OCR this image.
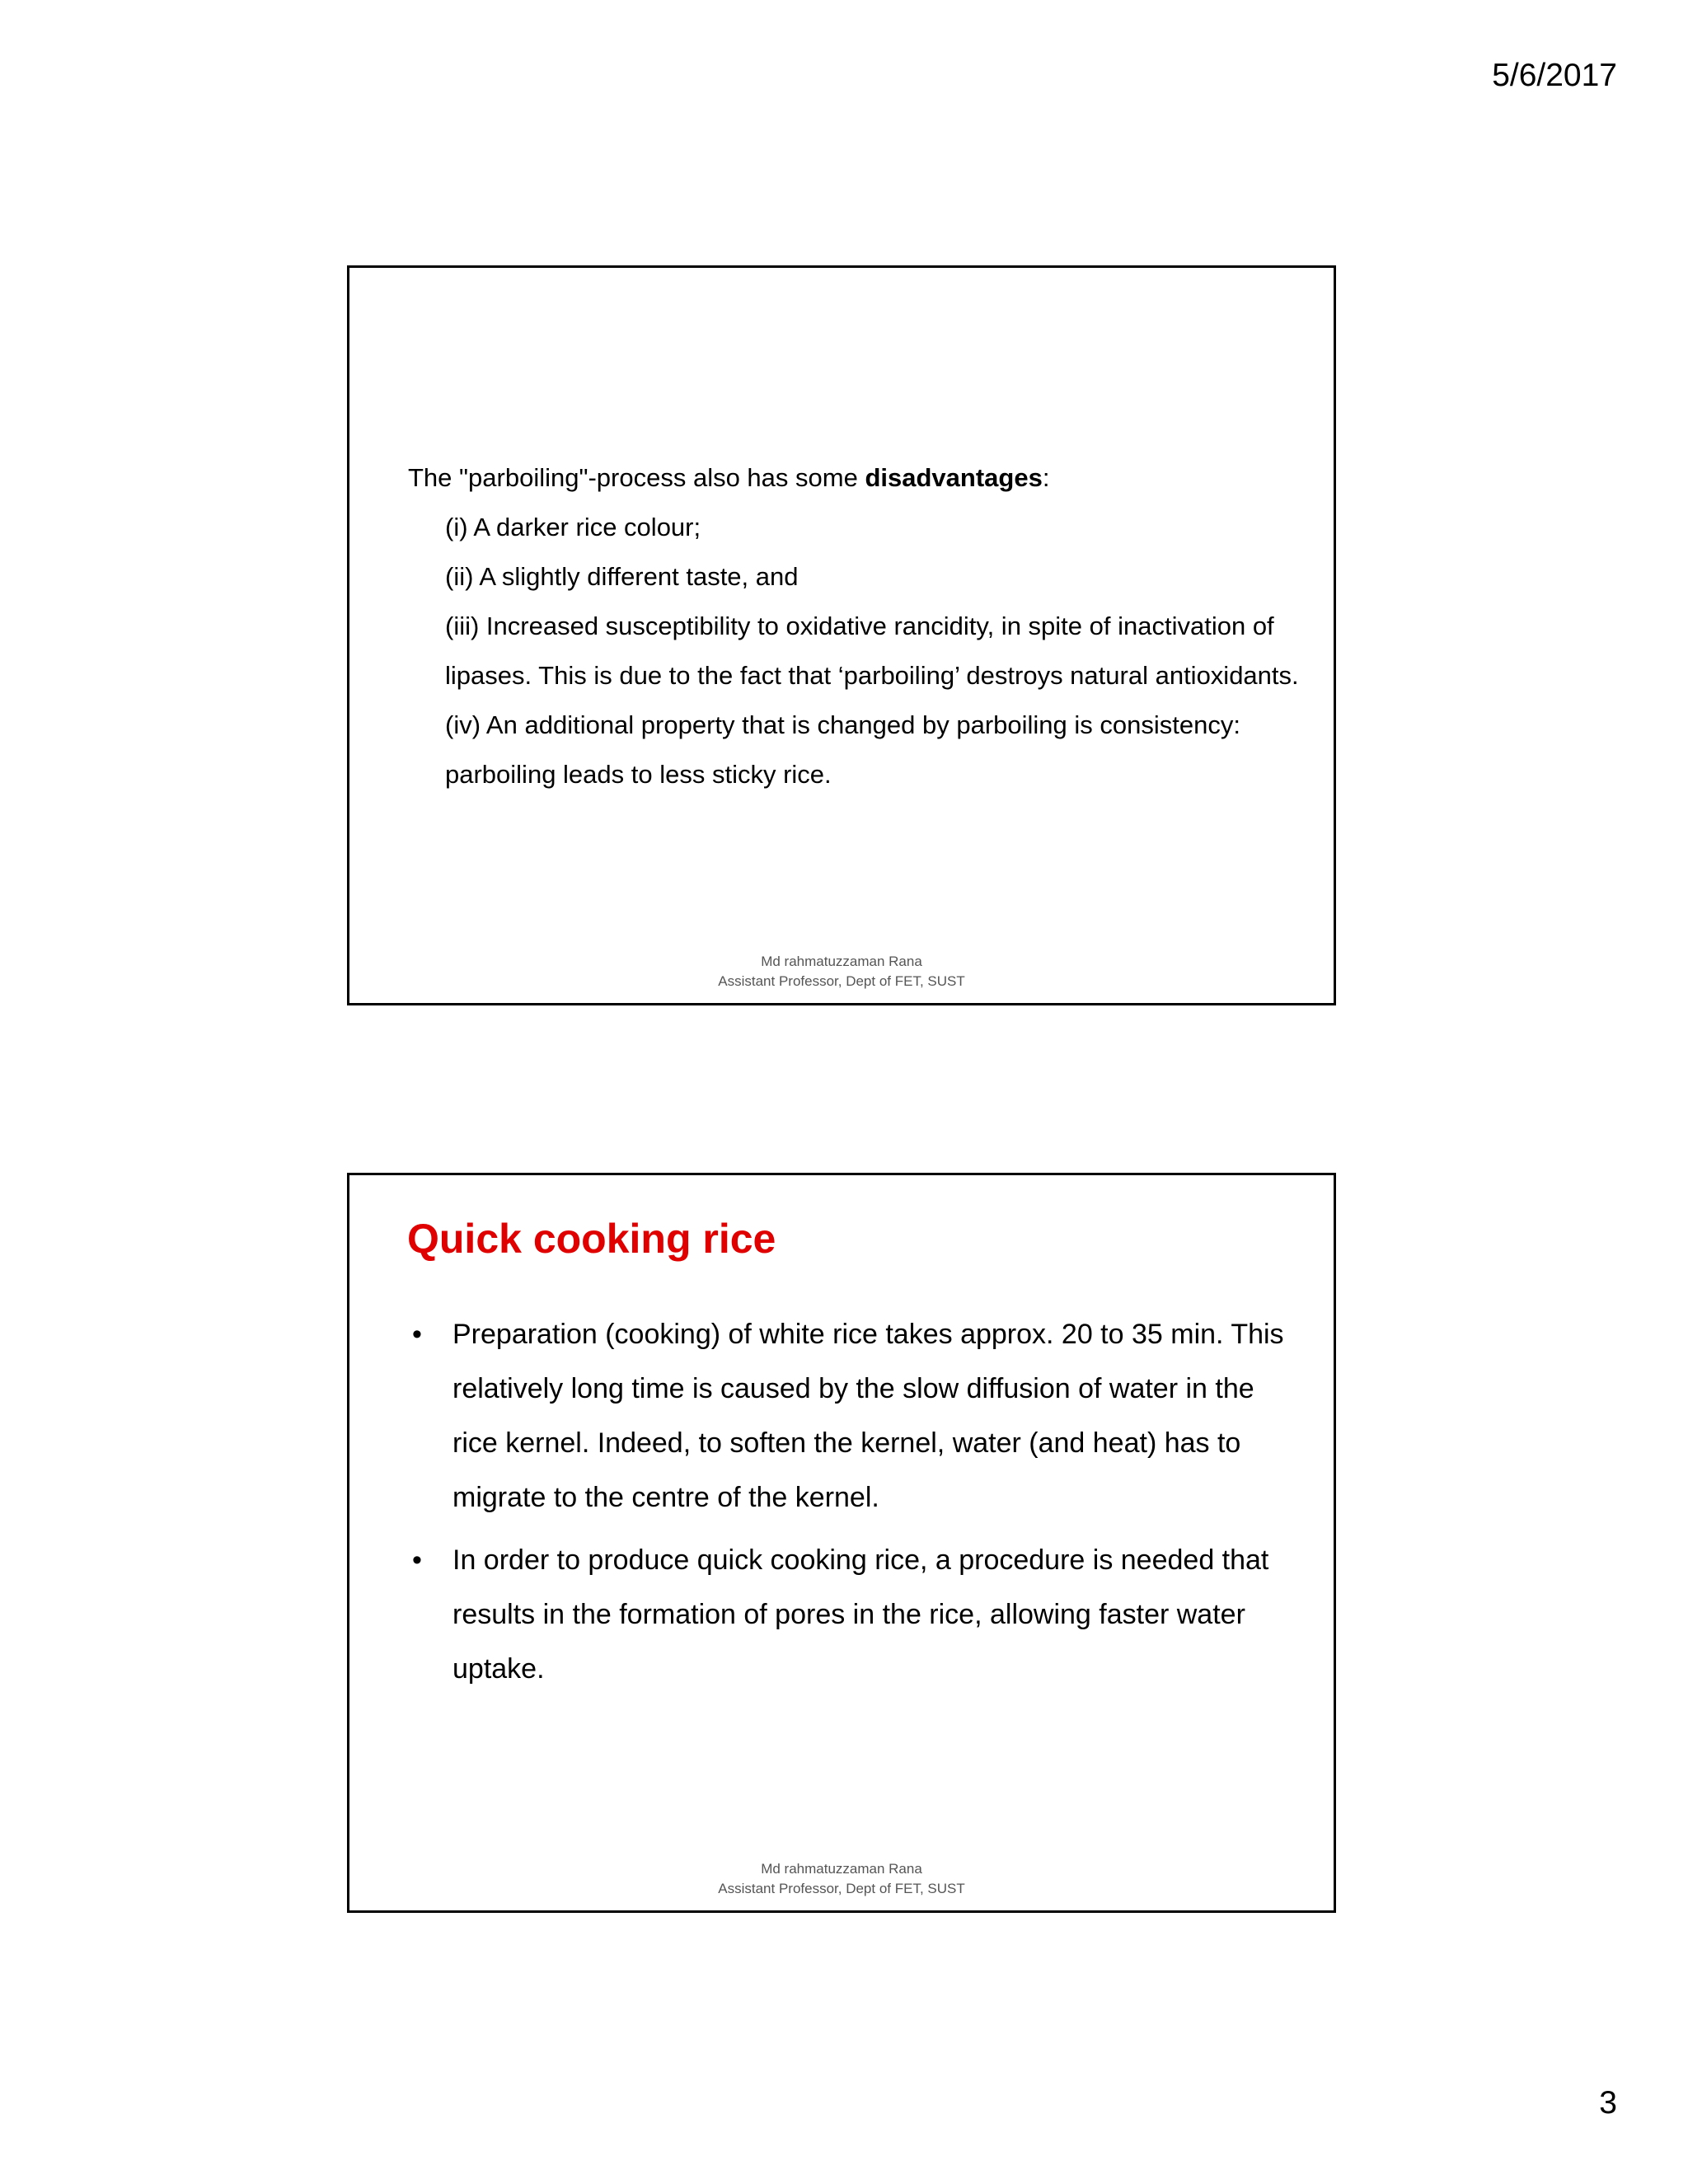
5/6/2017
The "parboiling"-process also has some disadvantages:
(i) A darker rice colour;
(ii) A slightly different taste, and
(iii) Increased susceptibility to oxidative rancidity, in spite of inactivation of
lipases. This is due to the fact that ‘parboiling’ destroys natural antioxidants.
(iv) An additional property that is changed by parboiling is consistency:
parboiling leads to less sticky rice.
Md rahmatuzzaman Rana
Assistant Professor, Dept of FET, SUST
Quick cooking rice
• Preparation (cooking) of white rice takes approx. 20 to 35 min. This relatively long time is caused by the slow diffusion of water in the rice kernel. Indeed, to soften the kernel, water (and heat) has to migrate to the centre of the kernel.
• In order to produce quick cooking rice, a procedure is needed that results in the formation of pores in the rice, allowing faster water uptake.
Md rahmatuzzaman Rana
Assistant Professor, Dept of FET, SUST
3
